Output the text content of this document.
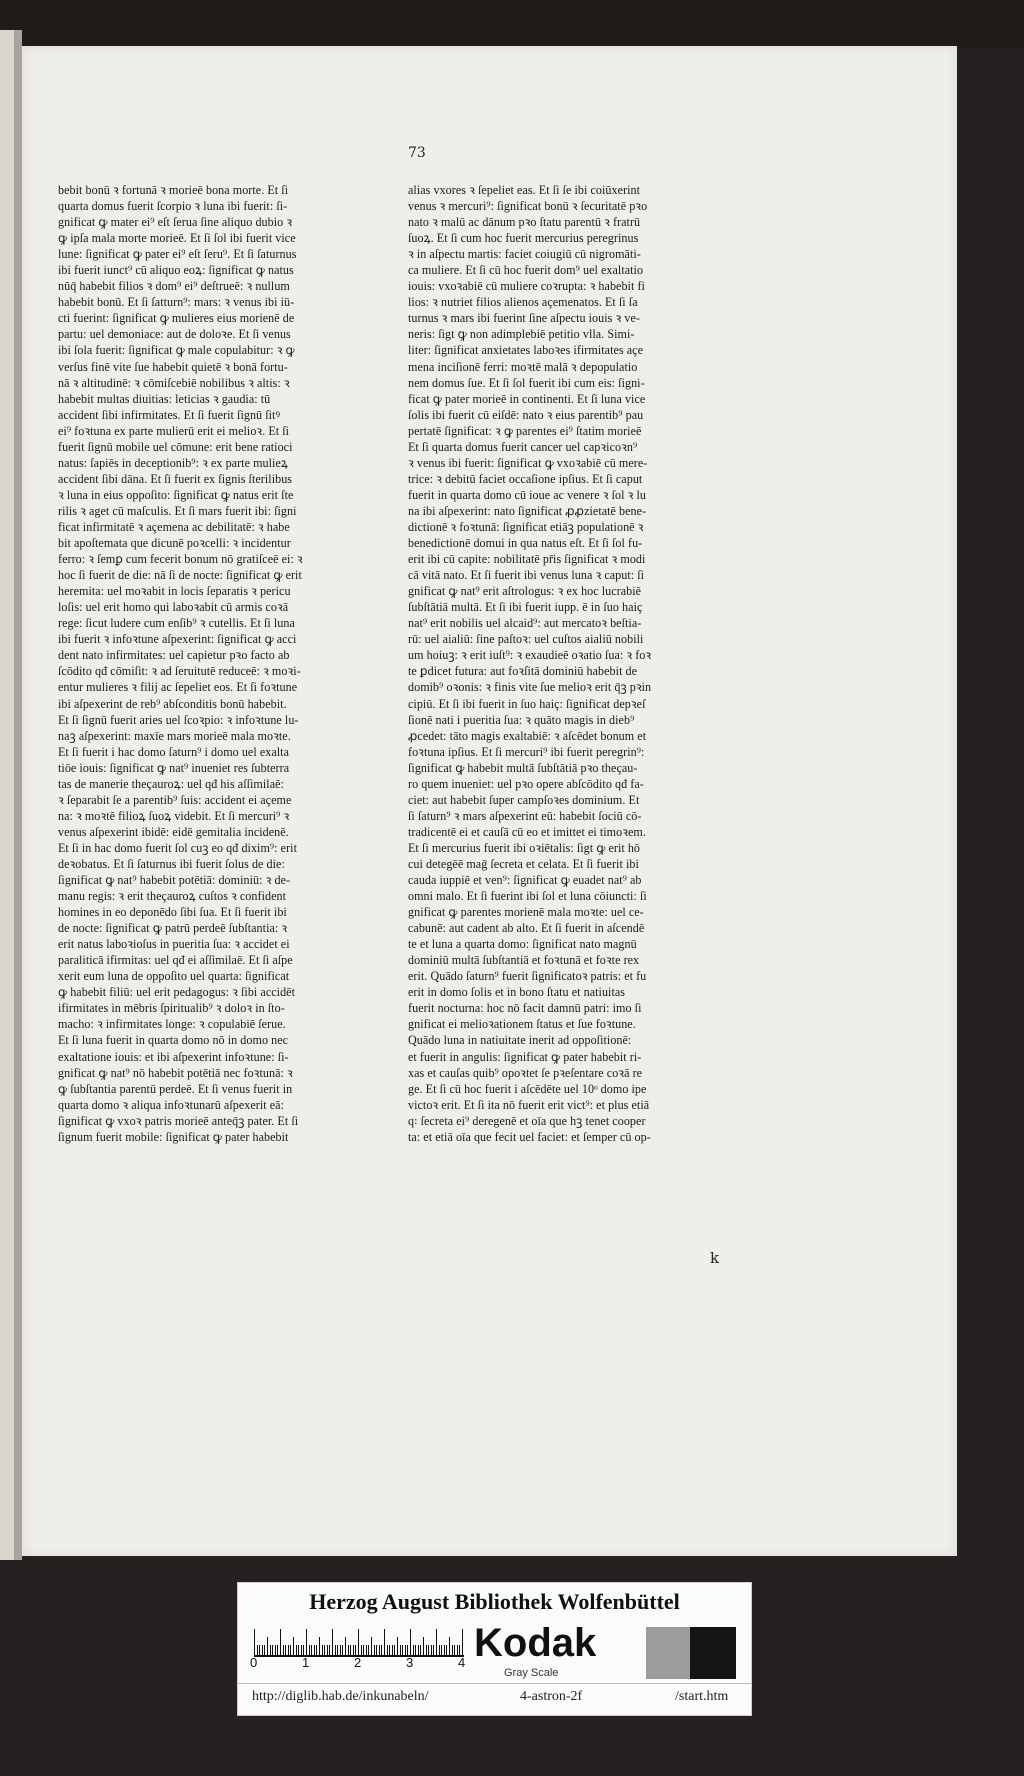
73
bebit bonū ꝛ fortunā ꝛ morieē bona morte. Et ſi
quarta domus fuerit ſcorpio ꝛ luna ibi fuerit: ſi-
gnificat ꝙ mater ei⁹ eſt ſerua ſine aliquo dubio ꝛ
ꝙ ipſa mala morte morieē. Et ſi ſol ibi fuerit vice
lune: ſignificat ꝙ pater ei⁹ eſt ſeru⁹. Et ſi ſaturnus
ibi fuerit iunct⁹ cū aliquo eoꝝ: ſignificat ꝙ natus
nūq̄ habebit filios ꝛ dom⁹ ei⁹ deſtrueē: ꝛ nullum
habebit bonū. Et ſi ſatturn⁹: mars: ꝛ venus ibi iū-
cti fuerint: ſignificat ꝙ mulieres eius morienē de
partu: uel demoniace: aut de doloꝛe. Et ſi venus
ibi ſola fuerit: ſignificat ꝙ male copulabitur: ꝛ ꝙ
verſus finē vite ſue habebit quietē ꝛ bonā fortu-
nā ꝛ altitudinē: ꝛ cōmiſcebiē nobilibus ꝛ altis: ꝛ
habebit multas diuitias: leticias ꝛ gaudia: tū
accident ſibi infirmitates. Et ſi fuerit ſignū ſitꝰ
ei⁹ foꝛtuna ex parte mulierū erit ei melioꝛ. Et ſi
fuerit ſignū mobile uel cōmune: erit bene ratioci
natus: ſapiēs in deceptionib⁹: ꝛ ex parte mulieꝝ
accident ſibi dāna. Et ſi fuerit ex ſignis ſterilibus
ꝛ luna in eius oppoſito: ſignificat ꝙ natus erit ſte
rilis ꝛ aget cū maſculis. Et ſi mars fuerit ibi: ſigni
ficat infirmitatē ꝛ açemena ac debilitatē: ꝛ habe
bit apoſtemata que dicunē poꝛcelli: ꝛ incidentur
ferro: ꝛ ſemꝑ cum fecerit bonum nō gratiſceē ei: ꝛ
hoc ſi fuerit de die: nā ſi de nocte: ſignificat ꝙ erit
heremita: uel moꝛabit in locis ſeparatis ꝛ pericu
loſis: uel erit homo qui laboꝛabit cū armis coꝛā
rege: ſicut ludere cum enſib⁹ ꝛ cutellis. Et ſi luna
ibi fuerit ꝛ infoꝛtune aſpexerint: ſignificat ꝙ acci
dent nato infirmitates: uel capietur pꝛo facto ab
ſcōdito qđ cōmiſit: ꝛ ad ſeruitutē reduceē: ꝛ moꝛi-
entur mulieres ꝛ filij ac ſepeliet eos. Et ſi foꝛtune
ibi aſpexerint de reb⁹ abſconditis bonū habebit.
Et ſi ſignū fuerit aries uel ſcoꝛpio: ꝛ infoꝛtune lu-
naꝫ aſpexerint: maxīe mars morieē mala moꝛte.
Et ſi fuerit i hac domo ſaturn⁹ i domo uel exalta
tiōe iouis: ſignificat ꝙ nat⁹ inueniet res ſubterra
tas de manerie theçauroꝝ: uel qđ his aſſimilaē:
ꝛ ſeparabit ſe a parentib⁹ ſuis: accident ei açeme
na: ꝛ moꝛtē filioꝝ ſuoꝝ videbit. Et ſi mercuri⁹ ꝛ
venus aſpexerint ibidē: eidē gemitalia incidenē.
Et ſi in hac domo fuerit ſol cuꝫ eo qđ dixim⁹: erit
deꝛobatus. Et ſi ſaturnus ibi fuerit ſolus de die:
ſignificat ꝙ nat⁹ habebit potētiā: dominiū: ꝛ de-
manu regis: ꝛ erit theçauroꝝ cuſtos ꝛ confident
homines in eo deponēdo ſibi ſua. Et ſi fuerit ibi
de nocte: ſignificat ꝙ patrū perdeē ſubſtantia: ꝛ
erit natus laboꝛioſus in pueritia ſua: ꝛ accidet ei
paraliticā ifirmitas: uel qđ ei aſſimilaē. Et ſi aſpe
xerit eum luna de oppoſito uel quarta: ſignificat
ꝙ habebit filiū: uel erit pedagogus: ꝛ ſibi accidēt
ifirmitates in mēbris ſpiritualib⁹ ꝛ doloꝛ in ſto-
macho: ꝛ infirmitates longe: ꝛ copulabiē ſerue.
Et ſi luna fuerit in quarta domo nō in domo nec
exaltatione iouis: et ibi aſpexerint infoꝛtune: ſi-
gnificat ꝙ nat⁹ nō habebit potētiā nec foꝛtunā: ꝛ
ꝙ ſubſtantia parentū perdeē. Et ſi venus fuerit in
quarta domo ꝛ aliqua infoꝛtunarū aſpexerit eā:
ſignificat ꝙ vxoꝛ patris morieē anteq̄ꝫ pater. Et ſi
ſignum fuerit mobile: ſignificat ꝙ pater habebit
alias vxores ꝛ ſepeliet eas. Et ſi ſe ibi coiūxerint
venus ꝛ mercuri⁹: ſignificat bonū ꝛ ſecuritatē pꝛo
nato ꝛ malū ac dānum pꝛo ſtatu parentū ꝛ fratrū
ſuoꝝ. Et ſi cum hoc fuerit mercurius peregrinus
ꝛ in aſpectu martis: faciet coiugiū cū nigromāti-
ca muliere. Et ſi cū hoc fuerit dom⁹ uel exaltatio
iouis: vxoꝛabiē cū muliere coꝛrupta: ꝛ habebit fi
lios: ꝛ nutriet filios alienos açemenatos. Et ſi ſa
turnus ꝛ mars ibi fuerint ſine aſpectu iouis ꝛ ve-
neris: ſigt ꝙ non adimplebiē petitio vlla. Simi-
liter: ſignificat anxietates laboꝛes ifirmitates açe
mena inciſionē ferri: moꝛtē malā ꝛ depopulatio
nem domus ſue. Et ſi ſol fuerit ibi cum eis: ſigni-
ficat ꝙ pater morieē in continenti. Et ſi luna vice
ſolis ibi fuerit cū eiſdē: nato ꝛ eius parentib⁹ pau
pertatē ſignificat: ꝛ ꝙ parentes ei⁹ ſtatim morieē
Et ſi quarta domus fuerit cancer uel capꝛicoꝛn⁹
ꝛ venus ibi fuerit: ſignificat ꝙ vxoꝛabiē cū mere-
trice: ꝛ debitū faciet occaſione ipſius. Et ſi caput
fuerit in quarta domo cū ioue ac venere ꝛ ſol ꝛ lu
na ibi aſpexerint: nato ſignificat ꝓꝓzietatē bene-
dictionē ꝛ foꝛtunā: ſignificat etiāꝫ populationē ꝛ
benedictionē domui in qua natus eſt. Et ſi ſol fu-
erit ibi cū capite: nobilitatē pr̄is ſignificat ꝛ modi
cā vitā nato. Et ſi fuerit ibi venus luna ꝛ caput: ſi
gnificat ꝙ nat⁹ erit aſtrologus: ꝛ ex hoc lucrabiē
ſubſtātiā multā. Et ſi ibi fuerit iupp. ē in ſuo haiç
nat⁹ erit nobilis uel alcaid⁹: aut mercatoꝛ beſtia-
rū: uel aialiū: ſine paſtoꝛ: uel cuſtos aialiū nobili
um hoiuꝫ: ꝛ erit iuſt⁹: ꝛ exaudieē oꝛatio ſua: ꝛ foꝛ
te ꝑdicet futura: aut foꝛſitā dominiū habebit de
domib⁹ oꝛonis: ꝛ finis vite ſue melioꝛ erit q̄ꝫ pꝛin
cipiū. Et ſi ibi fuerit in ſuo haiç: ſignificat depꝛeſ
ſionē nati i pueritia ſua: ꝛ quāto magis in dieb⁹
ꝓcedet: tāto magis exaltabiē: ꝛ aſcēdet bonum et
foꝛtuna ipſius. Et ſi mercuri⁹ ibi fuerit peregrin⁹:
ſignificat ꝙ habebit multā ſubſtātiā pꝛo theçau-
ro quem inueniet: uel pꝛo opere abſcōdito qđ fa-
ciet: aut habebit ſuper campſoꝛes dominium. Et
ſi ſaturn⁹ ꝛ mars aſpexerint eū: habebit ſociū cō-
tradicentē ei et cauſā cū eo et imittet ei timoꝛem.
Et ſi mercurius fuerit ibi oꝛiētalis: ſigt ꝙ erit hō
cui detegēē maḡ ſecreta et celata. Et ſi fuerit ibi
cauda iuppiē et ven⁹: ſignificat ꝙ euadet nat⁹ ab
omni malo. Et ſi fuerint ibi ſol et luna cōiuncti: ſi
gnificat ꝙ parentes morienē mala moꝛte: uel ce-
cabunē: aut cadent ab alto. Et ſi fuerit in aſcendē
te et luna a quarta domo: ſignificat nato magnū
dominiū multā ſubſtantiā et foꝛtunā et foꝛte rex
erit. Quādo ſaturn⁹ fuerit ſignificatoꝛ patris: et fu
erit in domo ſolis et in bono ſtatu et natiuitas
fuerit nocturna: hoc nō facit damnū patri: imo ſi
gnificat ei melioꝛationem ſtatus et ſue foꝛtune.
Quādo luna in natiuitate inerit ad oppoſitionē:
et fuerit in angulis: ſignificat ꝙ pater habebit ri-
xas et cauſas quib⁹ opoꝛtet ſe pꝛeſentare coꝛā re
ge. Et ſi cū hoc fuerit i aſcēdēte uel 10ᵒ domo ipe
victoꝛ erit. Et ſi ita nō fuerit erit vict⁹: et plus etiā
q꞉ ſecreta ei⁹ deregenē et oīa que hꝫ tenet cooper
ta: et etiā oīa que fecit uel faciet: et ſemper cū op-
k
Herzog August Bibliothek Wolfenbüttel
0	1	2	3	4 Kodak
Gray Scale
http://diglib.hab.de/inkunabeln/	4-astron-2f	/start.htm
